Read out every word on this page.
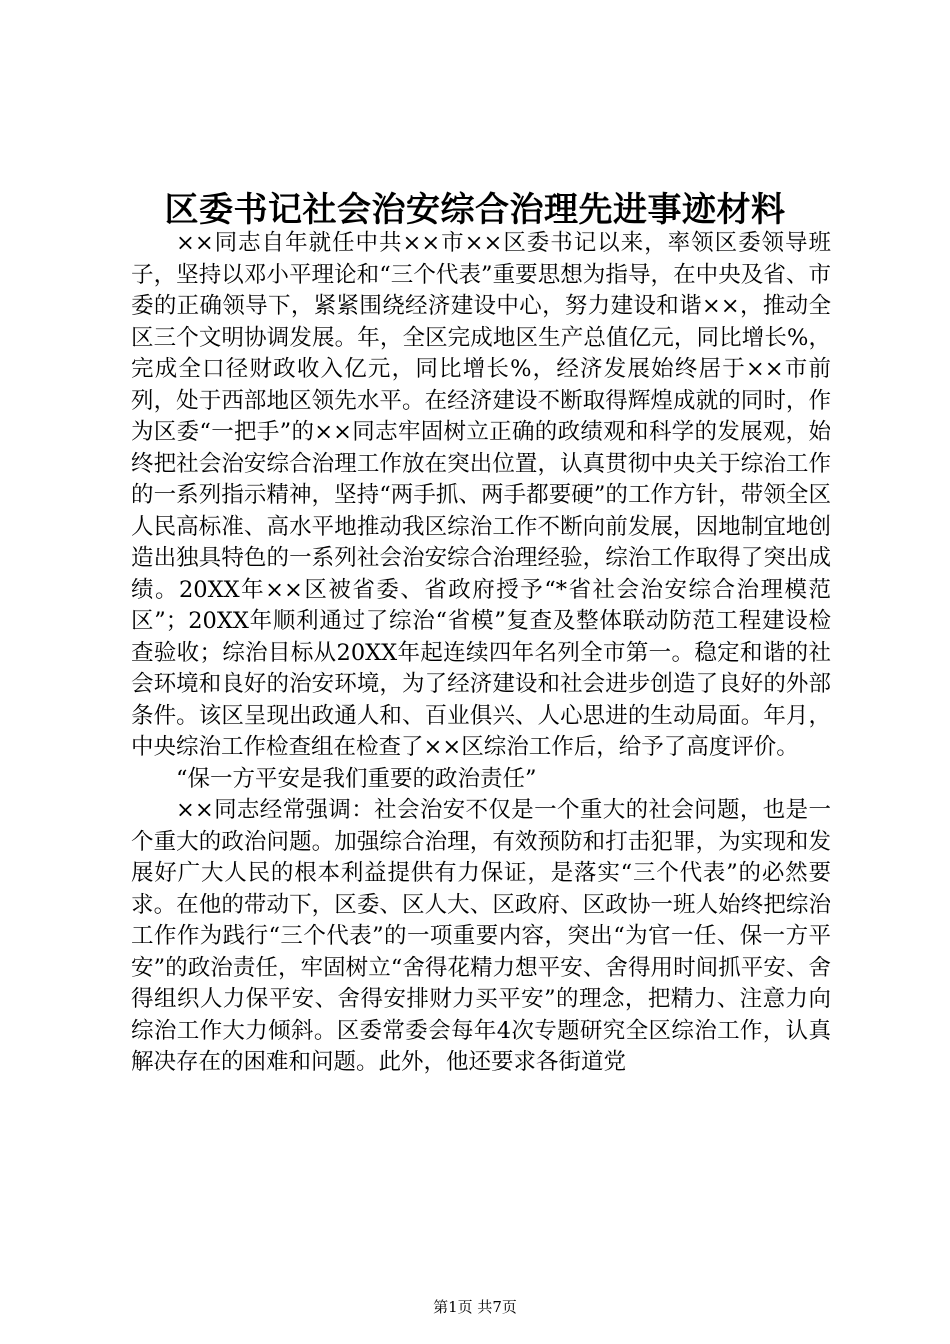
区委书记社会治安综合治理先进事迹材料

××同志自年就任中共××市××区委书记以来，率领区委领导班子，坚持以邓小平理论和“三个代表”重要思想为指导，在中央及省、市委的正确领导下，紧紧围绕经济建设中心，努力建设和谐××，推动全区三个文明协调发展。年，全区完成地区生产总值亿元，同比增长%，完成全口径财政收入亿元，同比增长%，经济发展始终居于××市前列，处于西部地区领先水平。在经济建设不断取得辉煌成就的同时，作为区委“一把手”的××同志牢固树立正确的政绩观和科学的发展观，始终把社会治安综合治理工作放在突出位置，认真贯彻中央关于综治工作的一系列指示精神，坚持“两手抓、两手都要硬”的工作方针，带领全区人民高标准、高水平地推动我区综治工作不断向前发展，因地制宜地创造出独具特色的一系列社会治安综合治理经验，综治工作取得了突出成绩。20XX年××区被省委、省政府授予“*省社会治安综合治理模范区”；20XX年顺利通过了综治“省模”复查及整体联动防范工程建设检查验收；综治目标从20XX年起连续四年名列全市第一。稳定和谐的社会环境和良好的治安环境，为了经济建设和社会进步创造了良好的外部条件。该区呈现出政通人和、百业俱兴、人心思进的生动局面。年月，中央综治工作检查组在检查了××区综治工作后，给予了高度评价。

“保一方平安是我们重要的政治责任”

××同志经常强调：社会治安不仅是一个重大的社会问题，也是一个重大的政治问题。加强综合治理，有效预防和打击犯罪，为实现和发展好广大人民的根本利益提供有力保证，是落实“三个代表”的必然要求。在他的带动下，区委、区人大、区政府、区政协一班人始终把综治工作作为践行“三个代表”的一项重要内容，突出“为官一任、保一方平安”的政治责任，牢固树立“舍得花精力想平安、舍得用时间抓平安、舍得组织人力保平安、舍得安排财力买平安”的理念，把精力、注意力向综治工作大力倾斜。区委常委会每年4次专题研究全区综治工作，认真解决存在的困难和问题。此外，他还要求各街道党

第1页 共7页
